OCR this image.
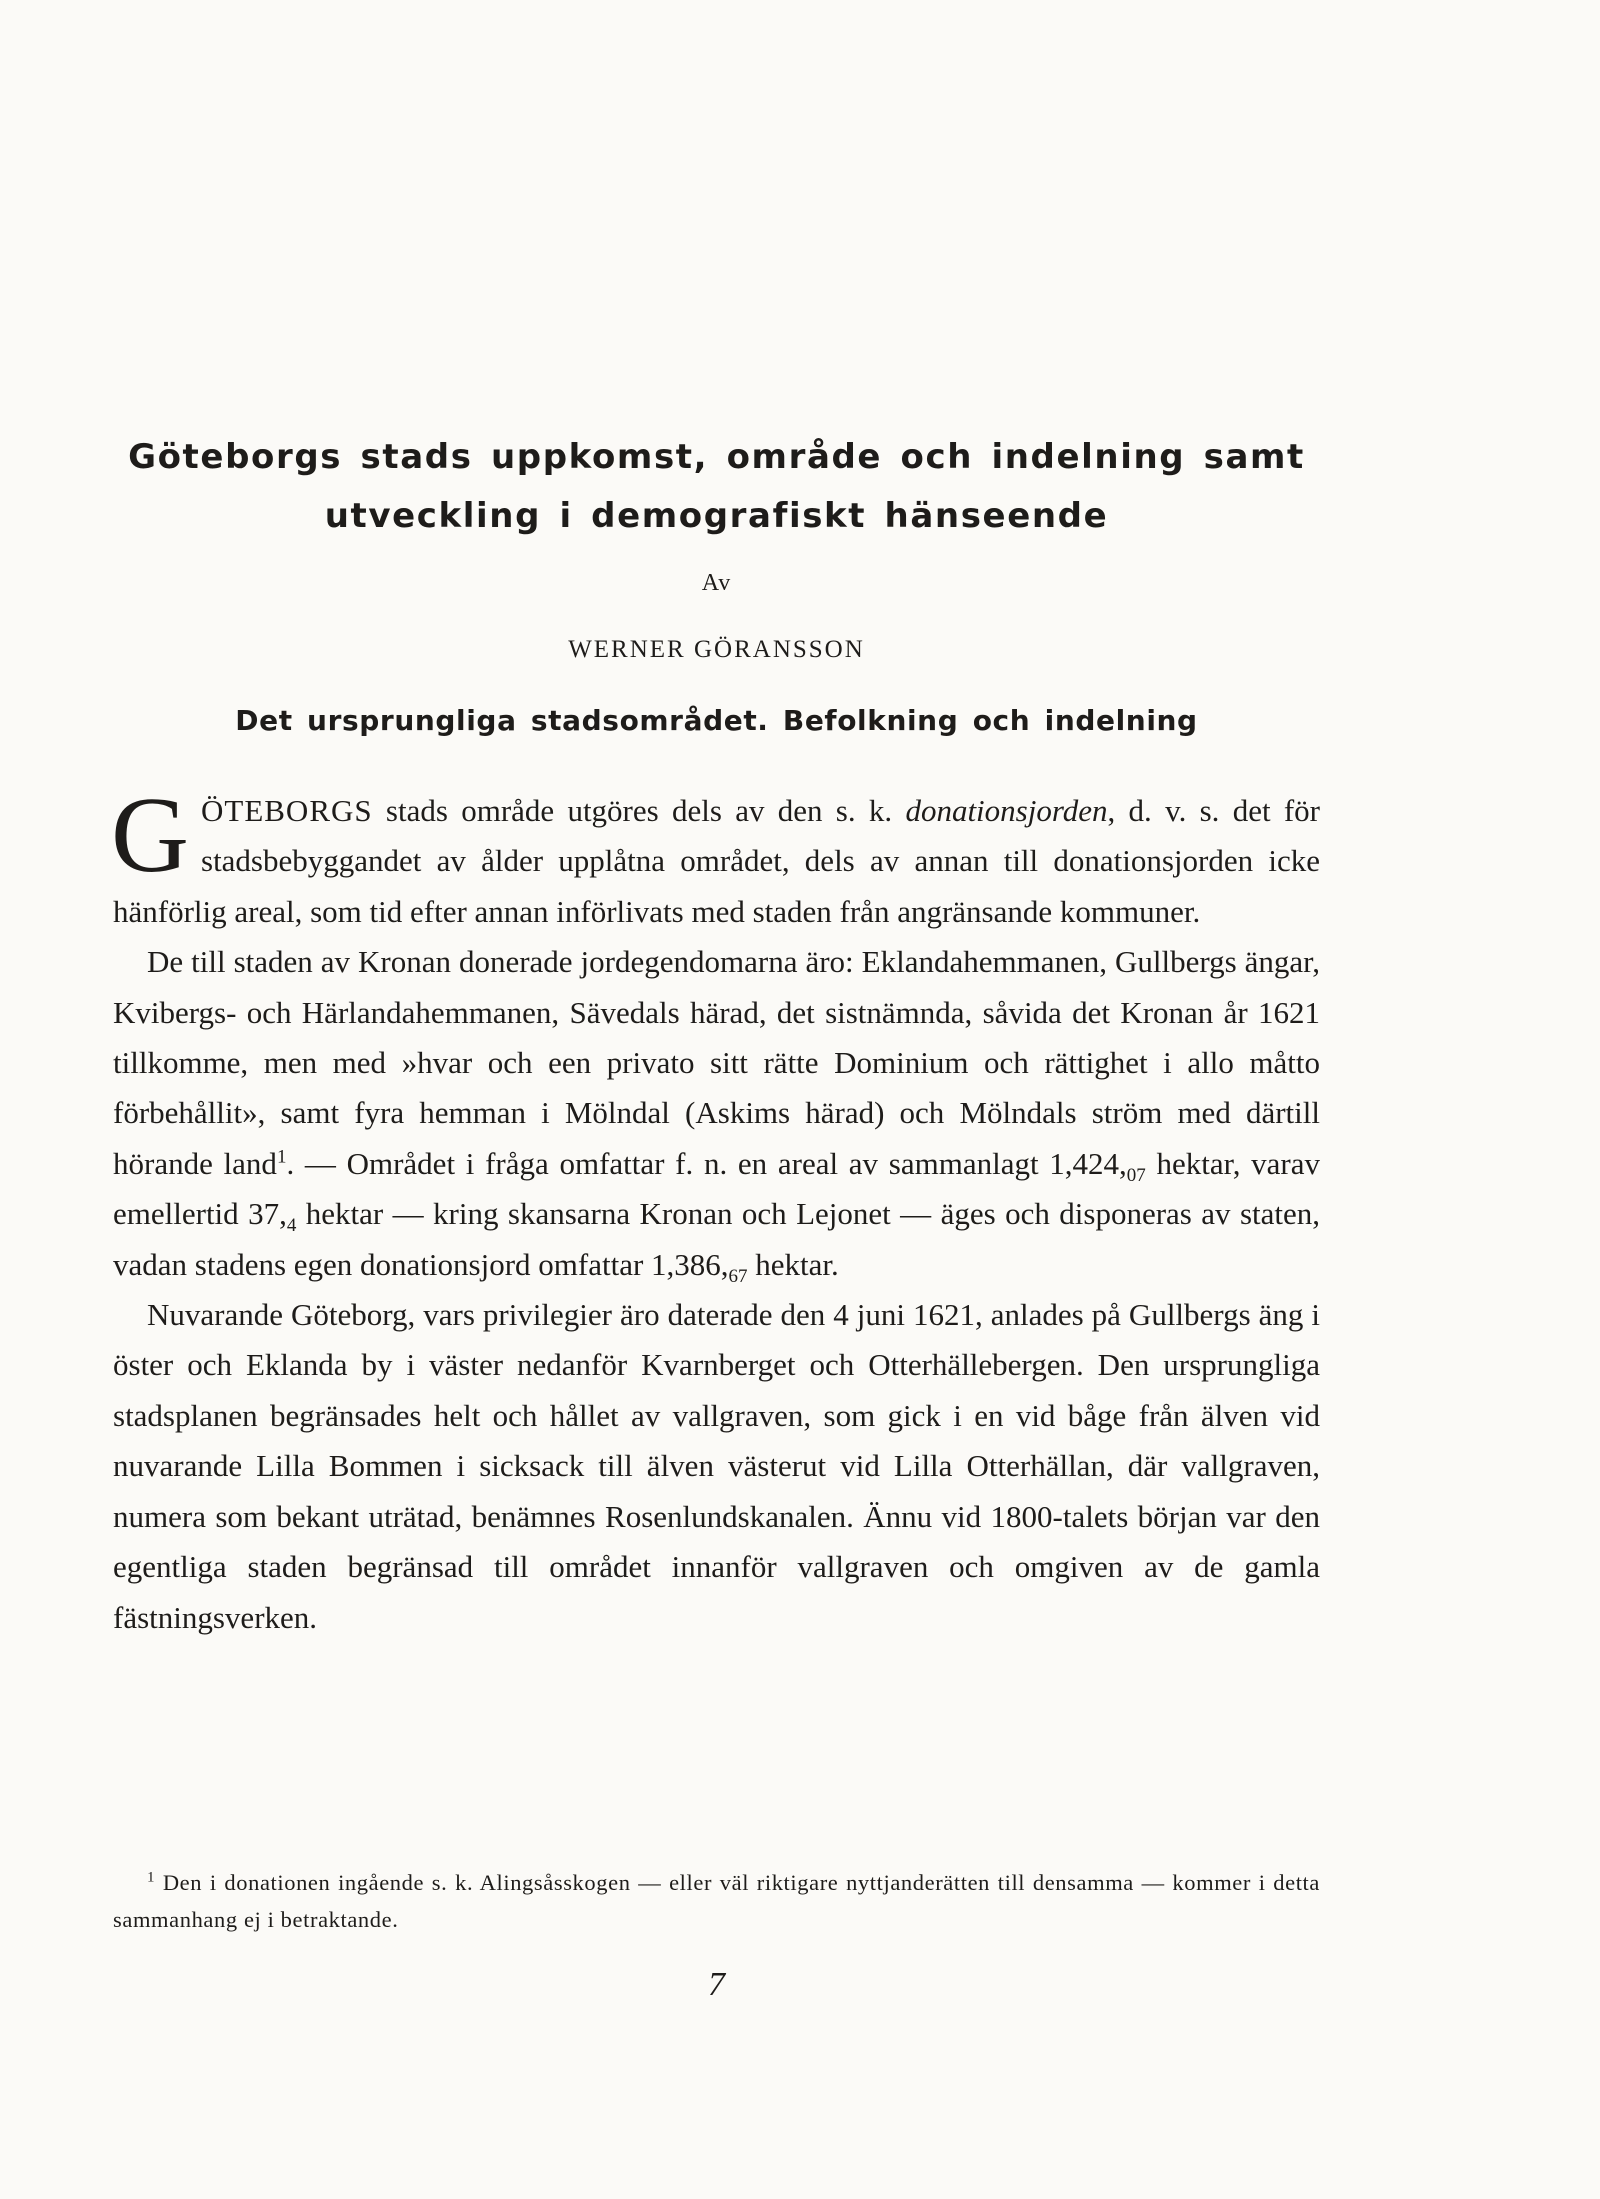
Göteborgs stads uppkomst, område och indelning samt
utveckling i demografiskt hänseende
Av
WERNER GÖRANSSON
Det ursprungliga stadsområdet. Befolkning och indelning

GÖTEBORGS stads område utgöres dels av den s. k. donationsjorden, d. v. s. det för stadsbebyggandet av ålder upplåtna området, dels av annan till donationsjorden icke hänförlig areal, som tid efter annan införlivats med staden från angränsande kommuner.

De till staden av Kronan donerade jordegendomarna äro: Eklandahemmanen, Gullbergs ängar, Kvibergs- och Härlandahemmanen, Sävedals härad, det sistnämnda, såvida det Kronan år 1621 tillkomme, men med »hvar och een privato sitt rätte Dominium och rättighet i allo måtto förbehållit», samt fyra hemman i Mölndal (Askims härad) och Mölndals ström med därtill hörande land$^1$. — Området i fråga omfattar f. n. en areal av sammanlagt $1,424,_{07}$ hektar, varav emellertid $37,_4$ hektar — kring skansarna Kronan och Lejonet — äges och disponeras av staten, vadan stadens egen donationsjord omfattar $1,386,_{67}$ hektar.

Nuvarande Göteborg, vars privilegier äro daterade den 4 juni 1621, anlades på Gullbergs äng i öster och Eklanda by i väster nedanför Kvarnberget och Otterhällebergen. Den ursprungliga stadsplanen begränsades helt och hållet av vallgraven, som gick i en vid båge från älven vid nuvarande Lilla Bommen i sicksack till älven västerut vid Lilla Otterhällan, där vallgraven, numera som bekant uträtad, benämnes Rosenlundskanalen. Ännu vid 1800-talets början var den egentliga staden begränsad till området innanför vallgraven och omgiven av de gamla fästningsverken.

$^1$ Den i donationen ingående s. k. Alingsåsskogen — eller väl riktigare nyttjanderätten till densamma — kommer i detta sammanhang ej i betraktande.

7
